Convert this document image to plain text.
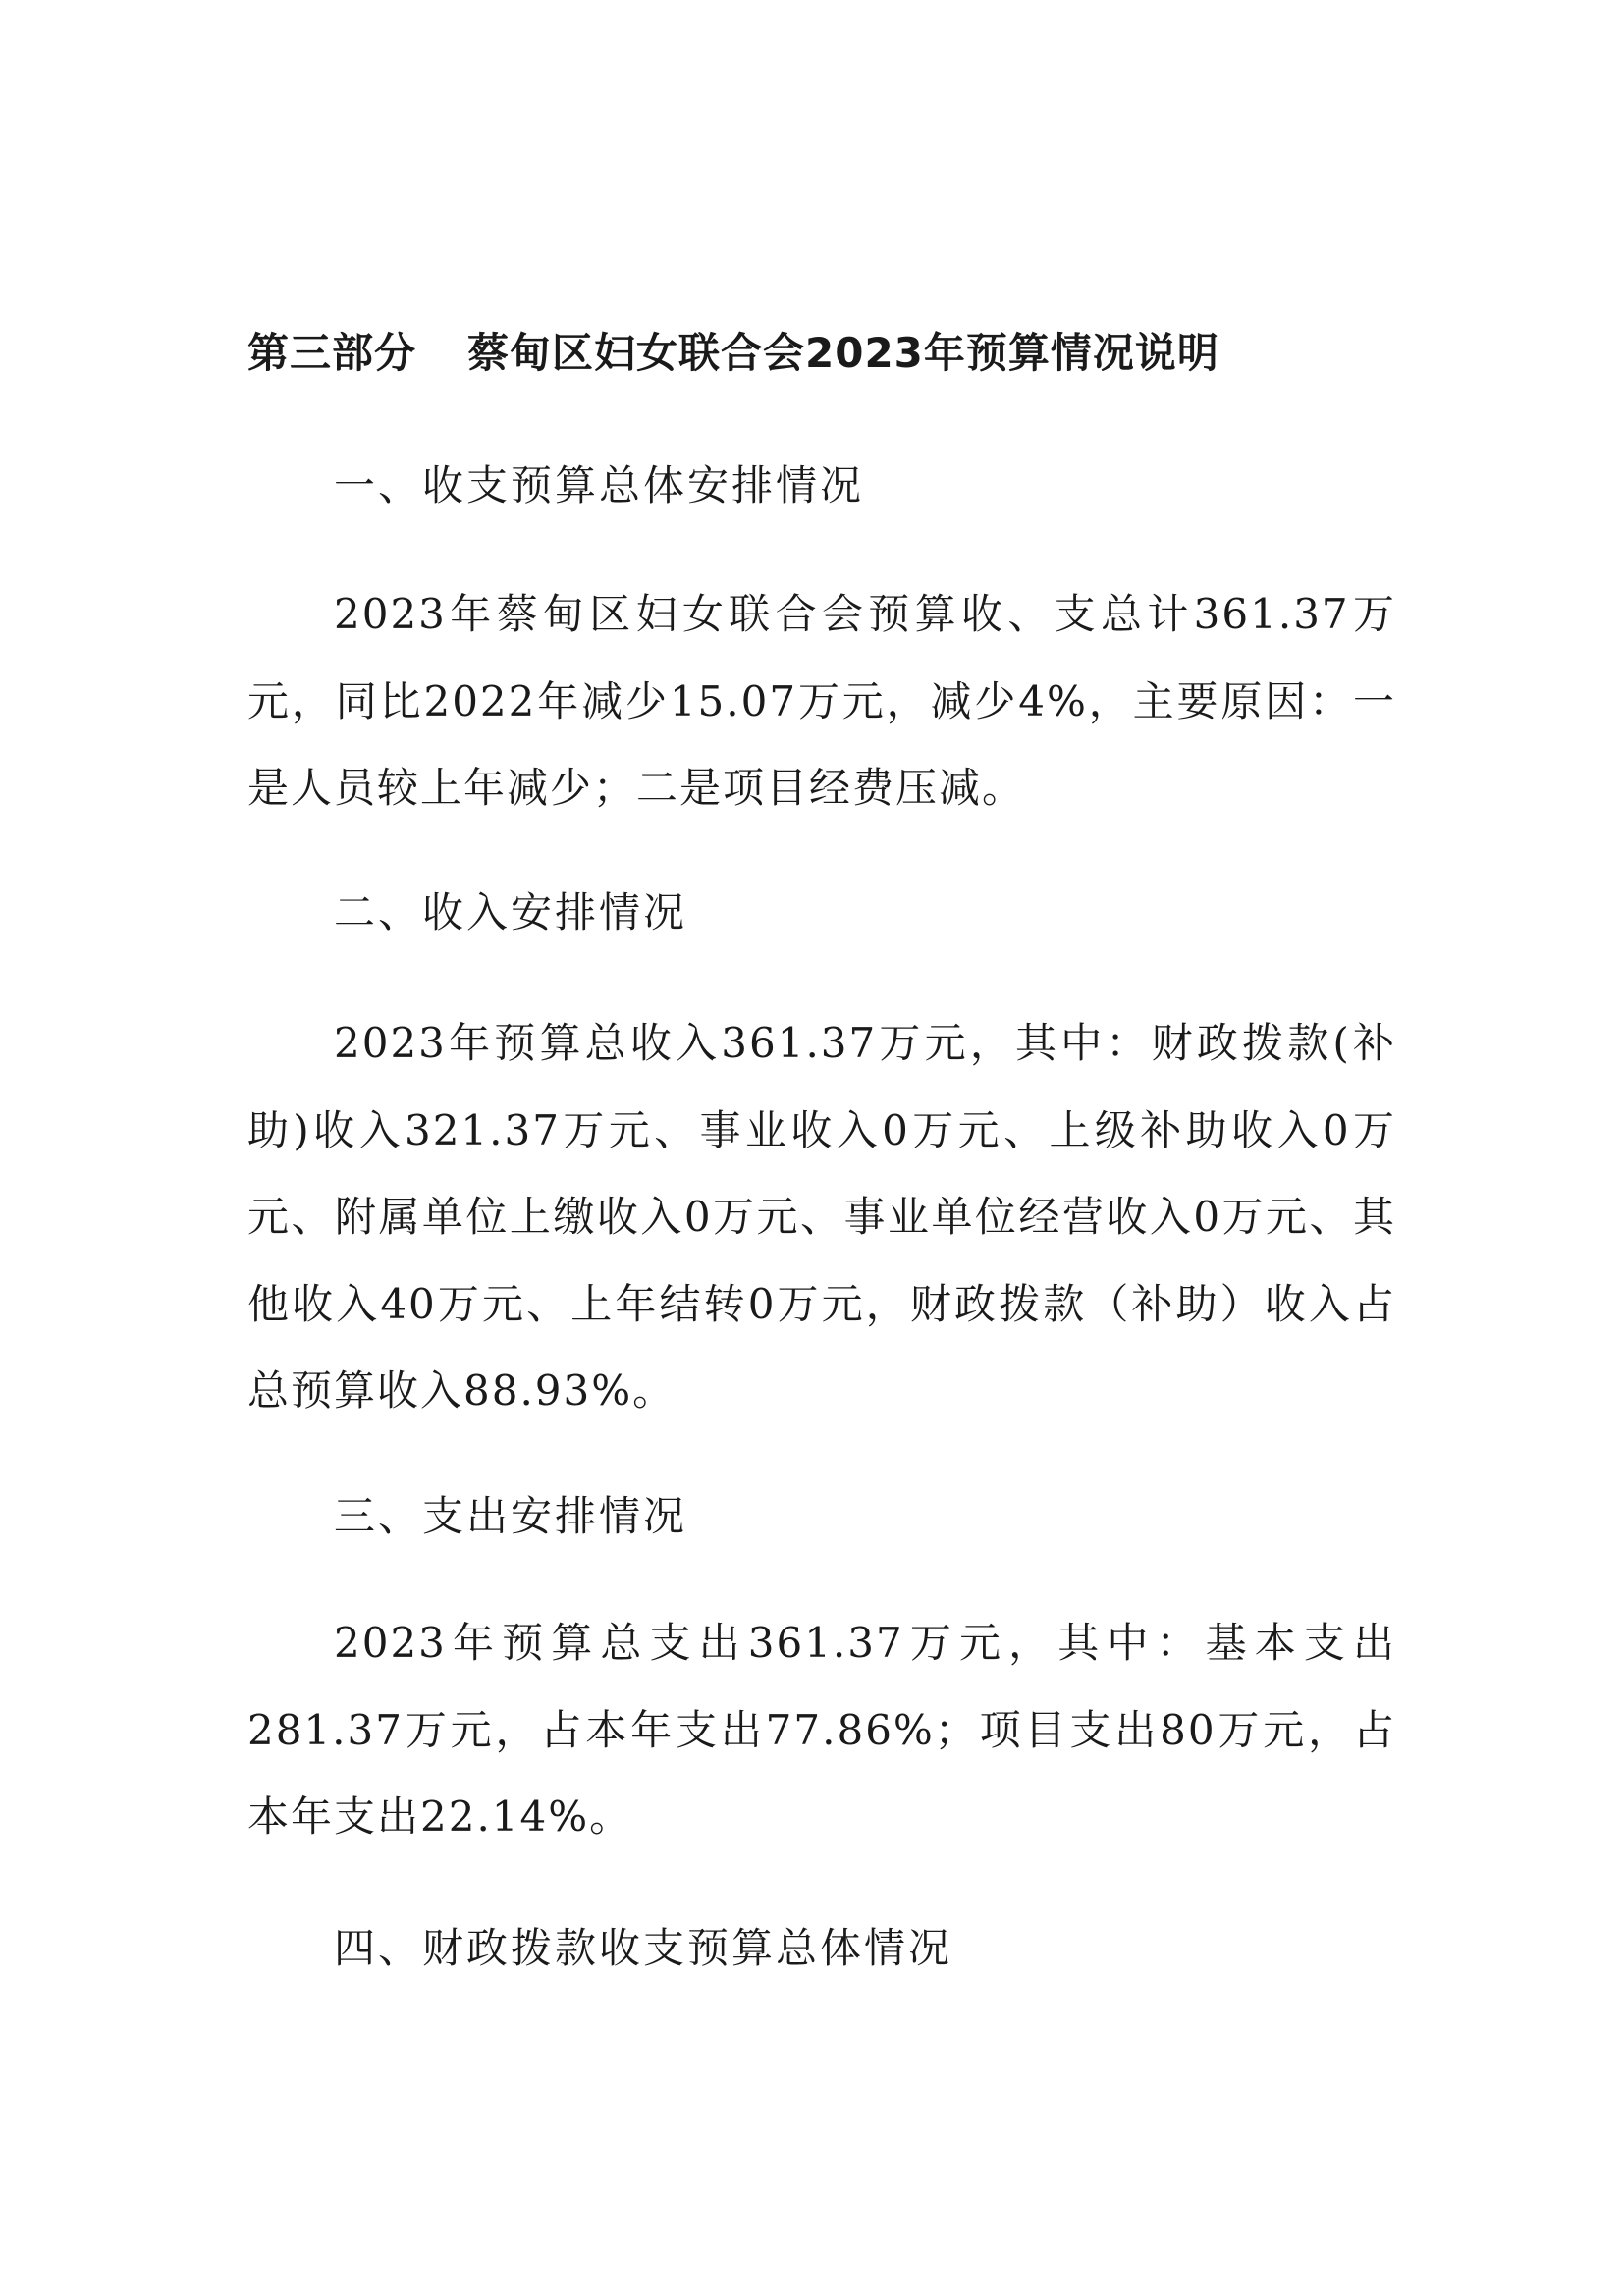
第三部分 蔡甸区妇女联合会2023年预算情况说明
一、收支预算总体安排情况

2023年蔡甸区妇女联合会预算收、支总计361.37万元，同比2022年减少15.07万元，减少4%，主要原因：一是人员较上年减少；二是项目经费压减。

二、收入安排情况

2023年预算总收入361.37万元，其中：财政拨款(补助)收入321.37万元、事业收入0万元、上级补助收入0万元、附属单位上缴收入0万元、事业单位经营收入0万元、其他收入40万元、上年结转0万元，财政拨款（补助）收入占总预算收入88.93%。

三、支出安排情况

2023年预算总支出361.37万元，其中：基本支出281.37万元，占本年支出77.86%；项目支出80万元，占本年支出22.14%。

四、财政拨款收支预算总体情况
